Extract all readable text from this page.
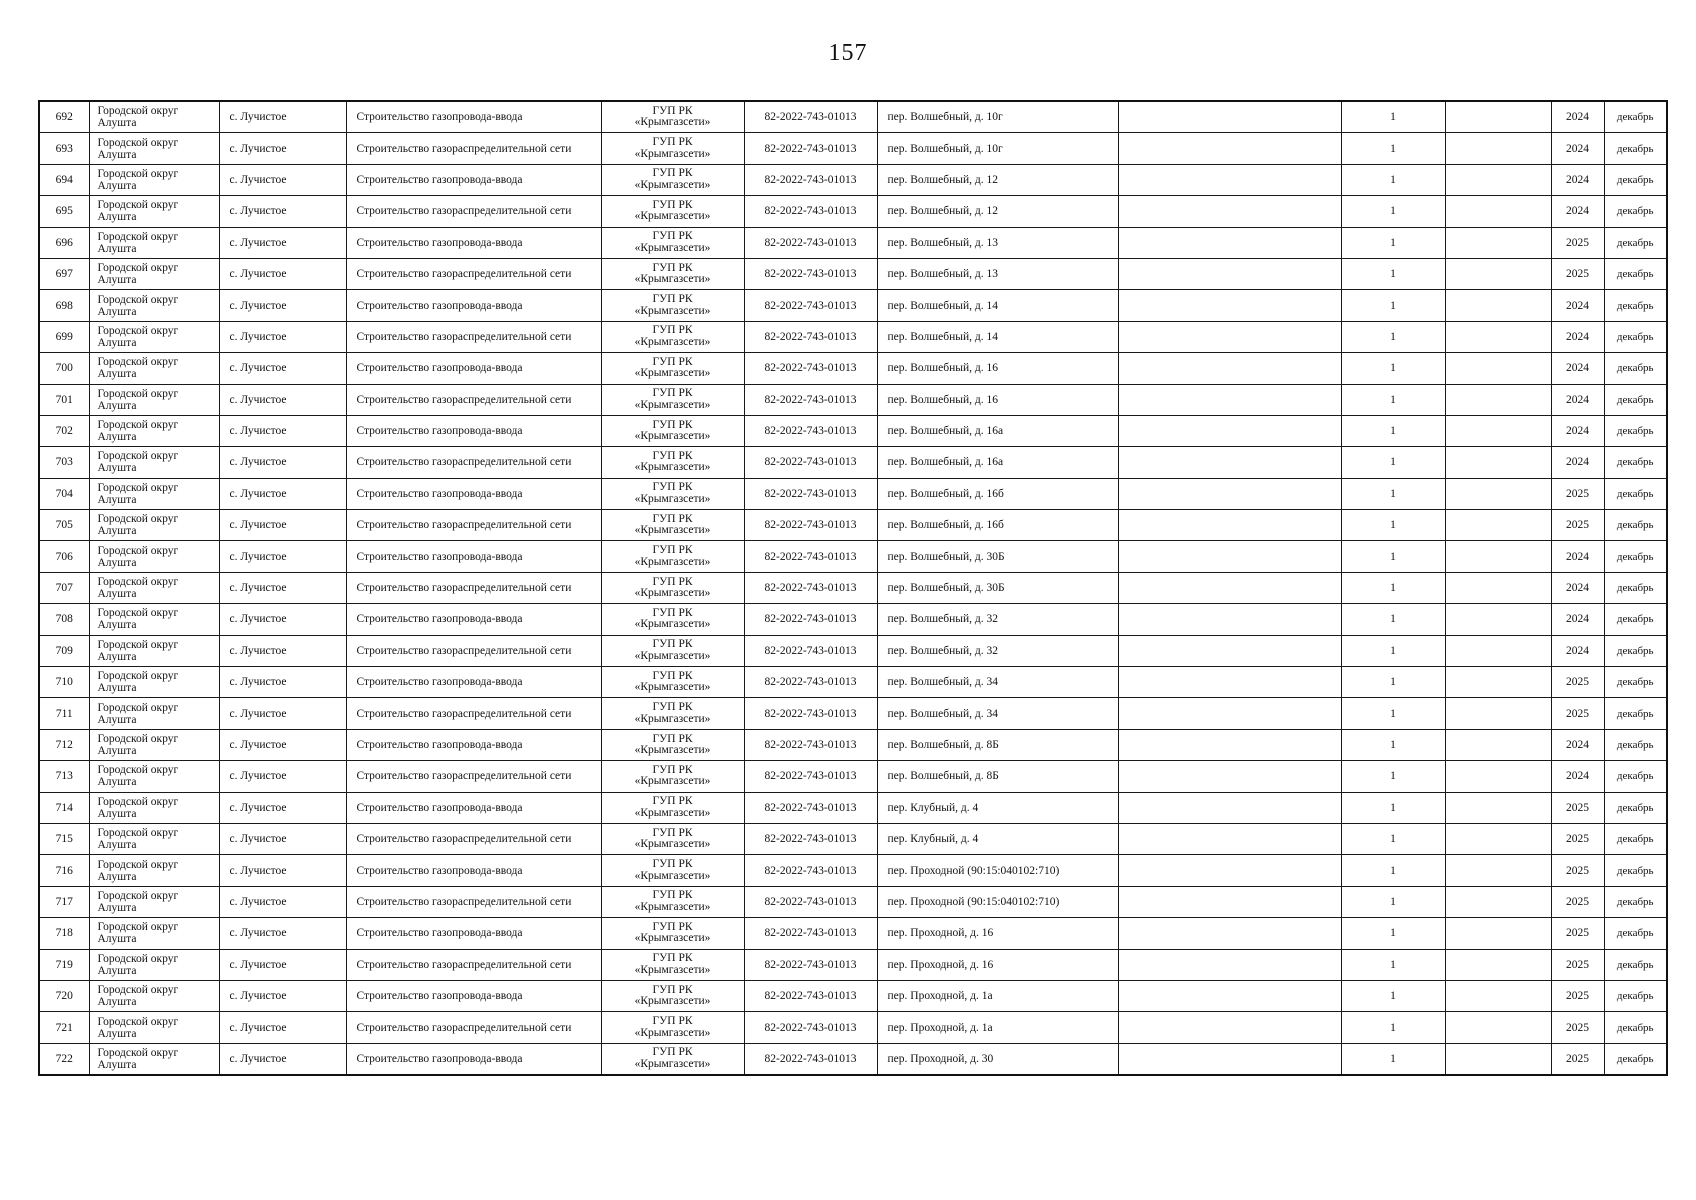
157
692	Городской округ Алушта	с. Лучистое	Строительство газопровода-ввода	ГУП РК
«Крымгазсети»	82-2022-743-01013	пер. Волшебный, д. 10г		1		2024	декабрь
693	Городской округ Алушта	с. Лучистое	Строительство газораспределительной сети	ГУП РК
«Крымгазсети»	82-2022-743-01013	пер. Волшебный, д. 10г		1		2024	декабрь
694	Городской округ Алушта	с. Лучистое	Строительство газопровода-ввода	ГУП РК
«Крымгазсети»	82-2022-743-01013	пер. Волшебный, д. 12		1		2024	декабрь
695	Городской округ Алушта	с. Лучистое	Строительство газораспределительной сети	ГУП РК
«Крымгазсети»	82-2022-743-01013	пер. Волшебный, д. 12		1		2024	декабрь
696	Городской округ Алушта	с. Лучистое	Строительство газопровода-ввода	ГУП РК
«Крымгазсети»	82-2022-743-01013	пер. Волшебный, д. 13		1		2025	декабрь
697	Городской округ Алушта	с. Лучистое	Строительство газораспределительной сети	ГУП РК
«Крымгазсети»	82-2022-743-01013	пер. Волшебный, д. 13		1		2025	декабрь
698	Городской округ Алушта	с. Лучистое	Строительство газопровода-ввода	ГУП РК
«Крымгазсети»	82-2022-743-01013	пер. Волшебный, д. 14		1		2024	декабрь
699	Городской округ Алушта	с. Лучистое	Строительство газораспределительной сети	ГУП РК
«Крымгазсети»	82-2022-743-01013	пер. Волшебный, д. 14		1		2024	декабрь
700	Городской округ Алушта	с. Лучистое	Строительство газопровода-ввода	ГУП РК
«Крымгазсети»	82-2022-743-01013	пер. Волшебный, д. 16		1		2024	декабрь
701	Городской округ Алушта	с. Лучистое	Строительство газораспределительной сети	ГУП РК
«Крымгазсети»	82-2022-743-01013	пер. Волшебный, д. 16		1		2024	декабрь
702	Городской округ Алушта	с. Лучистое	Строительство газопровода-ввода	ГУП РК
«Крымгазсети»	82-2022-743-01013	пер. Волшебный, д. 16а		1		2024	декабрь
703	Городской округ Алушта	с. Лучистое	Строительство газораспределительной сети	ГУП РК
«Крымгазсети»	82-2022-743-01013	пер. Волшебный, д. 16а		1		2024	декабрь
704	Городской округ Алушта	с. Лучистое	Строительство газопровода-ввода	ГУП РК
«Крымгазсети»	82-2022-743-01013	пер. Волшебный, д. 16б		1		2025	декабрь
705	Городской округ Алушта	с. Лучистое	Строительство газораспределительной сети	ГУП РК
«Крымгазсети»	82-2022-743-01013	пер. Волшебный, д. 16б		1		2025	декабрь
706	Городской округ Алушта	с. Лучистое	Строительство газопровода-ввода	ГУП РК
«Крымгазсети»	82-2022-743-01013	пер. Волшебный, д. 30Б		1		2024	декабрь
707	Городской округ Алушта	с. Лучистое	Строительство газораспределительной сети	ГУП РК
«Крымгазсети»	82-2022-743-01013	пер. Волшебный, д. 30Б		1		2024	декабрь
708	Городской округ Алушта	с. Лучистое	Строительство газопровода-ввода	ГУП РК
«Крымгазсети»	82-2022-743-01013	пер. Волшебный, д. 32		1		2024	декабрь
709	Городской округ Алушта	с. Лучистое	Строительство газораспределительной сети	ГУП РК
«Крымгазсети»	82-2022-743-01013	пер. Волшебный, д. 32		1		2024	декабрь
710	Городской округ Алушта	с. Лучистое	Строительство газопровода-ввода	ГУП РК
«Крымгазсети»	82-2022-743-01013	пер. Волшебный, д. 34		1		2025	декабрь
711	Городской округ Алушта	с. Лучистое	Строительство газораспределительной сети	ГУП РК
«Крымгазсети»	82-2022-743-01013	пер. Волшебный, д. 34		1		2025	декабрь
712	Городской округ Алушта	с. Лучистое	Строительство газопровода-ввода	ГУП РК
«Крымгазсети»	82-2022-743-01013	пер. Волшебный, д. 8Б		1		2024	декабрь
713	Городской округ Алушта	с. Лучистое	Строительство газораспределительной сети	ГУП РК
«Крымгазсети»	82-2022-743-01013	пер. Волшебный, д. 8Б		1		2024	декабрь
714	Городской округ Алушта	с. Лучистое	Строительство газопровода-ввода	ГУП РК
«Крымгазсети»	82-2022-743-01013	пер. Клубный, д. 4		1		2025	декабрь
715	Городской округ Алушта	с. Лучистое	Строительство газораспределительной сети	ГУП РК
«Крымгазсети»	82-2022-743-01013	пер. Клубный, д. 4		1		2025	декабрь
716	Городской округ Алушта	с. Лучистое	Строительство газопровода-ввода	ГУП РК
«Крымгазсети»	82-2022-743-01013	пер. Проходной (90:15:040102:710)		1		2025	декабрь
717	Городской округ Алушта	с. Лучистое	Строительство газораспределительной сети	ГУП РК
«Крымгазсети»	82-2022-743-01013	пер. Проходной (90:15:040102:710)		1		2025	декабрь
718	Городской округ Алушта	с. Лучистое	Строительство газопровода-ввода	ГУП РК
«Крымгазсети»	82-2022-743-01013	пер. Проходной, д. 16		1		2025	декабрь
719	Городской округ Алушта	с. Лучистое	Строительство газораспределительной сети	ГУП РК
«Крымгазсети»	82-2022-743-01013	пер. Проходной, д. 16		1		2025	декабрь
720	Городской округ Алушта	с. Лучистое	Строительство газопровода-ввода	ГУП РК
«Крымгазсети»	82-2022-743-01013	пер. Проходной, д. 1а		1		2025	декабрь
721	Городской округ Алушта	с. Лучистое	Строительство газораспределительной сети	ГУП РК
«Крымгазсети»	82-2022-743-01013	пер. Проходной, д. 1а		1		2025	декабрь
722	Городской округ Алушта	с. Лучистое	Строительство газопровода-ввода	ГУП РК
«Крымгазсети»	82-2022-743-01013	пер. Проходной, д. 30		1		2025	декабрь
